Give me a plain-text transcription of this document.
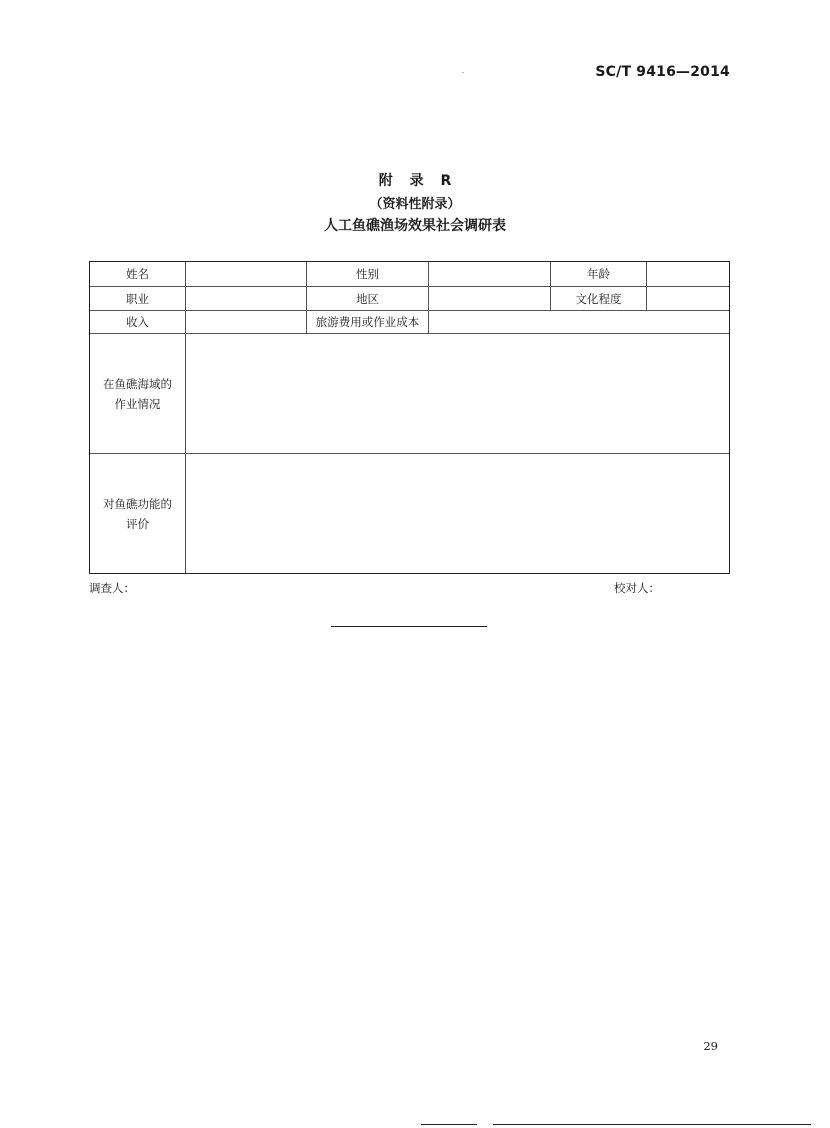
SC/T 9416—2014
附 录 R
（资料性附录）
人工鱼礁渔场效果社会调研表
姓名	性别	年龄
职业	地区	文化程度
收入	旅游费用或作业成本
在鱼礁海域的
作业情况
对鱼礁功能的
评价
调查人：	校对人：
29
